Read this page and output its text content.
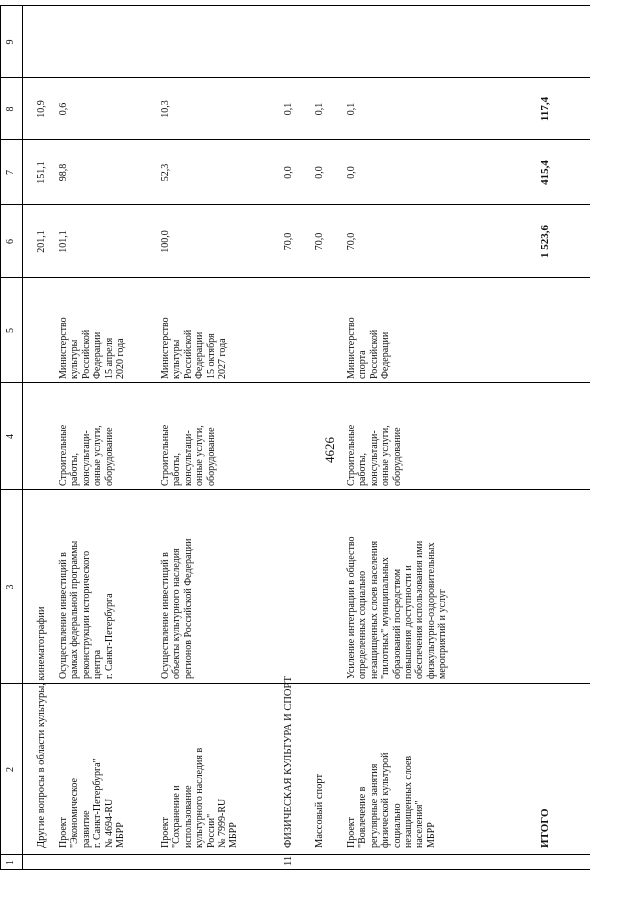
4626
1
2
3
4
5
6
7
8
9
Другие вопросы в области культуры, кинематографии
201,1
151,1
10,9
Проект
"Экономическое
развитие
г. Санкт-Петербурга"
№ 4694-RU
МБРР
Осуществление инвестиций в
рамках федеральной программы
реконструкции исторического
центра
г. Санкт-Петербурга
Строительные
работы,
консультаци-
онные услуги,
оборудование
Министерство
культуры
Российской
Федерации
15 апреля
2020 года
101,1
98,8
0,6
Проект
"Сохранение и
использование
культурного наследия в
России"
№ 7999-RU
МБРР
Осуществление инвестиций в
объекты культурного наследия
регионов Российской Федерации
Строительные
работы,
консультаци-
онные услуги,
оборудование
Министерство
культуры
Российской
Федерации
15 октября
2027 года
100,0
52,3
10,3
11
ФИЗИЧЕСКАЯ КУЛЬТУРА И СПОРТ
70,0
0,0
0,1
Массовый спорт
70,0
0,0
0,1
Проект
"Вовлечение в
регулярные занятия
физической культурой
социально
незащищенных слоев
населения"
МБРР
Усиление интеграции в общество
определенных социально
незащищенных слоев населения
"пилотных" муниципальных
образований посредством
повышения доступности и
обеспечения использования ими
физкультурно-оздоровительных
мероприятий и услуг
Строительные
работы,
консультаци-
онные услуги,
оборудование
Министерство
спорта
Российской
Федерации
70,0
0,0
0,1
ИТОГО
1 523,6
415,4
117,4
